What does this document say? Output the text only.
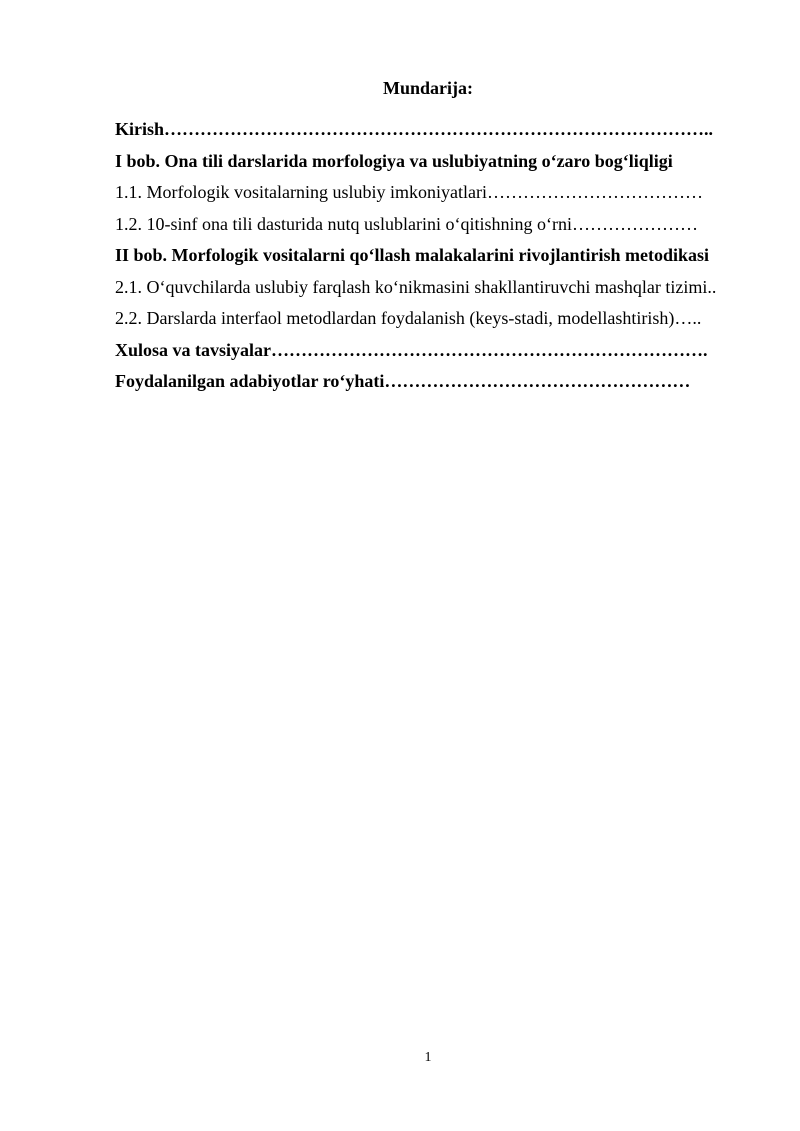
Mundarija:
Kirish………………………………………………………………………………..
I bob. Ona tili darslarida morfologiya va uslubiyatning o‘zaro bog‘liqligi
1.1. Morfologik vositalarning uslubiy imkoniyatlari………………………………
1.2. 10-sinf ona tili dasturida nutq uslublarini o‘qitishning o‘rni…………………
II bob. Morfologik vositalarni qo‘llash malakalarini rivojlantirish metodikasi
2.1. O‘quvchilarda uslubiy farqlash ko‘nikmasini shakllantiruvchi mashqlar tizimi..
2.2. Darslarda interfaol metodlardan foydalanish (keys-stadi, modellashtirish)…..
Xulosa va tavsiyalar……………………………………………………………….
Foydalanilgan adabiyotlar ro‘yhati……………………………………………
1
